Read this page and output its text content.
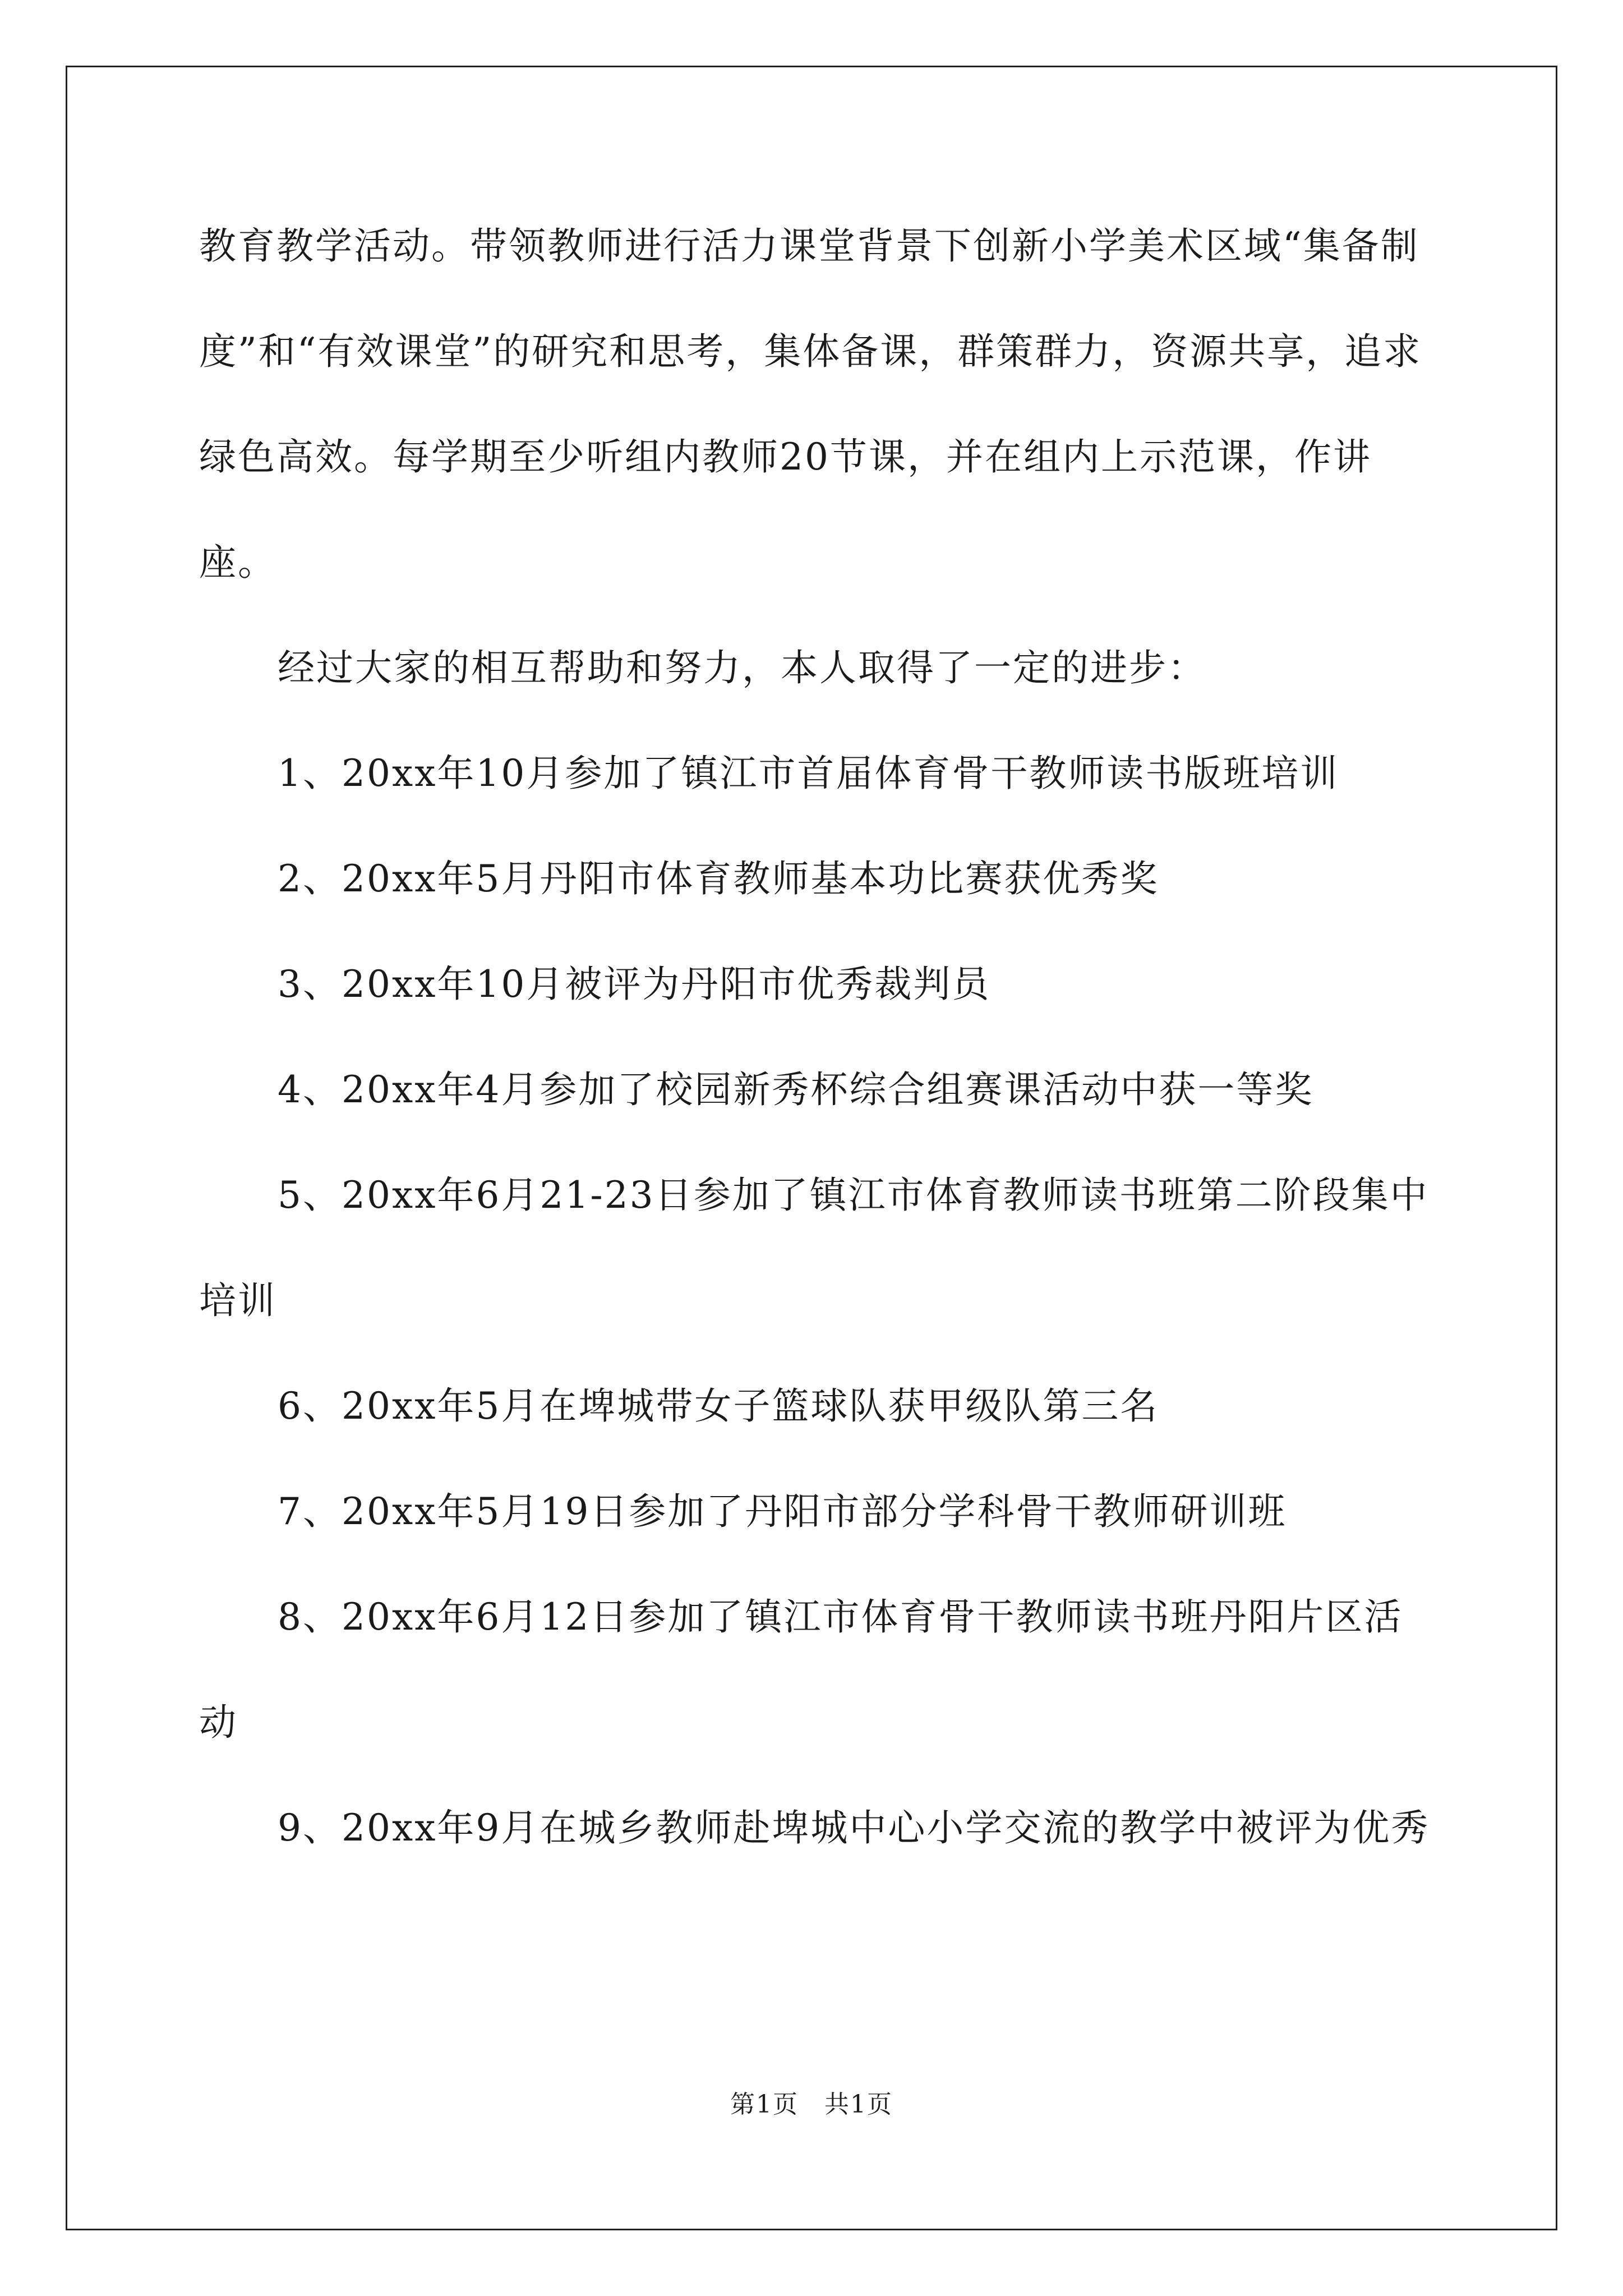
教育教学活动。带领教师进行活力课堂背景下创新小学美术区域“集备制度”和“有效课堂”的研究和思考，集体备课，群策群力，资源共享，追求绿色高效。每学期至少听组内教师20节课，并在组内上示范课，作讲座。

经过大家的相互帮助和努力，本人取得了一定的进步：

1、20xx年10月参加了镇江市首届体育骨干教师读书版班培训

2、20xx年5月丹阳市体育教师基本功比赛获优秀奖

3、20xx年10月被评为丹阳市优秀裁判员

4、20xx年4月参加了校园新秀杯综合组赛课活动中获一等奖

5、20xx年6月21-23日参加了镇江市体育教师读书班第二阶段集中培训

6、20xx年5月在埤城带女子篮球队获甲级队第三名

7、20xx年5月19日参加了丹阳市部分学科骨干教师研训班

8、20xx年6月12日参加了镇江市体育骨干教师读书班丹阳片区活动

9、20xx年9月在城乡教师赴埤城中心小学交流的教学中被评为优秀

第1页　共1页
